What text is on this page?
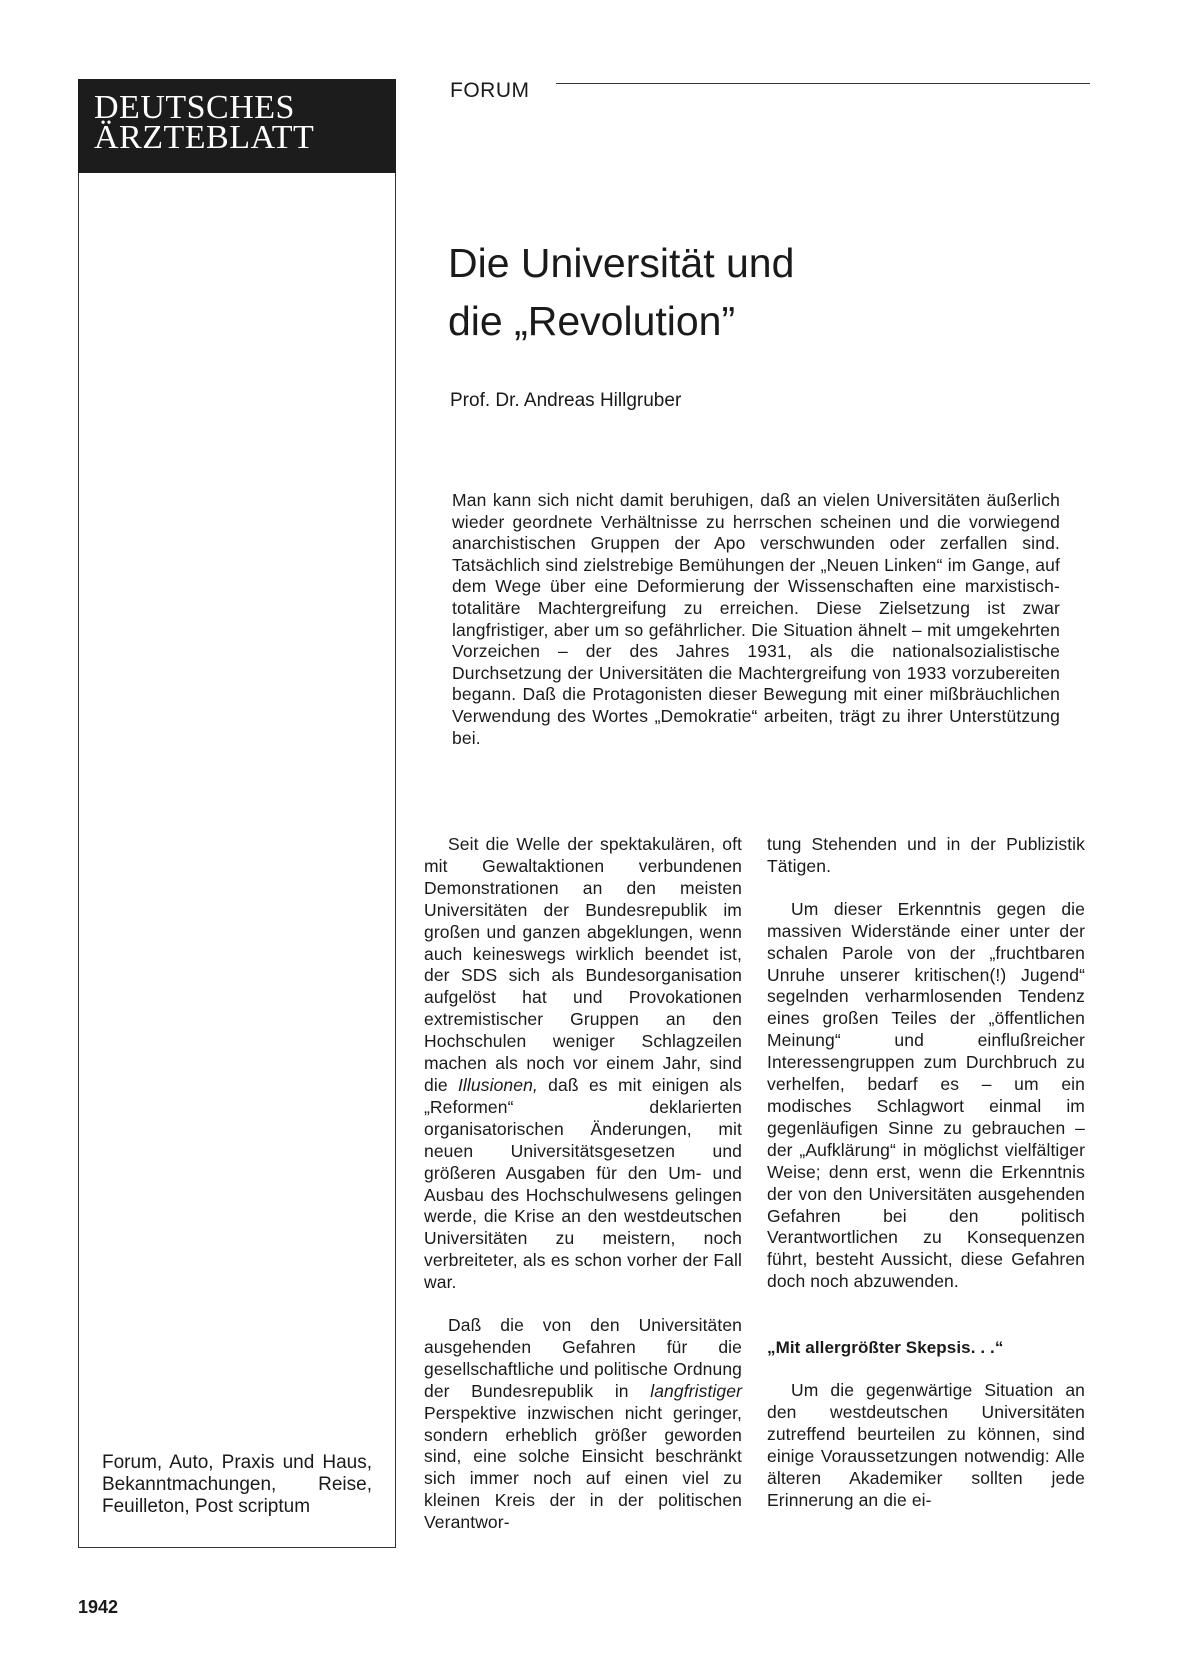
DEUTSCHES
ÄRZTEBLATT
Forum, Auto, Praxis und Haus, Bekanntmachungen, Reise, Feuilleton, Post scriptum
FORUM
Die Universität und
die „Revolution”
Prof. Dr. Andreas Hillgruber
Man kann sich nicht damit beruhigen, daß an vielen Universitäten äußerlich wieder geordnete Verhältnisse zu herrschen scheinen und die vorwiegend anarchistischen Gruppen der Apo verschwunden oder zerfallen sind. Tatsächlich sind zielstrebige Bemühungen der „Neuen Linken“ im Gange, auf dem Wege über eine Deformierung der Wissenschaften eine marxistisch-totalitäre Machtergreifung zu erreichen. Diese Zielsetzung ist zwar langfristiger, aber um so gefährlicher. Die Situation ähnelt – mit umgekehrten Vorzeichen – der des Jahres 1931, als die nationalsozialistische Durchsetzung der Universitäten die Machtergreifung von 1933 vorzubereiten begann. Daß die Protagonisten dieser Bewegung mit einer mißbräuchlichen Verwendung des Wortes „Demokratie“ arbeiten, trägt zu ihrer Unterstützung bei.

Seit die Welle der spektakulären, oft mit Gewaltaktionen verbundenen Demonstrationen an den meisten Universitäten der Bundesrepublik im großen und ganzen abgeklungen, wenn auch keineswegs wirklich beendet ist, der SDS sich als Bundesorganisation aufgelöst hat und Provokationen extremistischer Gruppen an den Hochschulen weniger Schlagzeilen machen als noch vor einem Jahr, sind die Illusionen, daß es mit einigen als „Reformen“ deklarierten organisatorischen Änderungen, mit neuen Universitätsgesetzen und größeren Ausgaben für den Um- und Ausbau des Hochschulwesens gelingen werde, die Krise an den westdeutschen Universitäten zu meistern, noch verbreiteter, als es schon vorher der Fall war.

Daß die von den Universitäten ausgehenden Gefahren für die gesellschaftliche und politische Ordnung der Bundesrepublik in langfristiger Perspektive inzwischen nicht geringer, sondern erheblich größer geworden sind, eine solche Einsicht beschränkt sich immer noch auf einen viel zu kleinen Kreis der in der politischen Verantwor-

tung Stehenden und in der Publizistik Tätigen.

Um dieser Erkenntnis gegen die massiven Widerstände einer unter der schalen Parole von der „fruchtbaren Unruhe unserer kritischen(!) Jugend“ segelnden verharmlosenden Tendenz eines großen Teiles der „öffentlichen Meinung“ und einflußreicher Interessengruppen zum Durchbruch zu verhelfen, bedarf es – um ein modisches Schlagwort einmal im gegenläufigen Sinne zu gebrauchen – der „Aufklärung“ in möglichst vielfältiger Weise; denn erst, wenn die Erkenntnis der von den Universitäten ausgehenden Gefahren bei den politisch Verantwortlichen zu Konsequenzen führt, besteht Aussicht, diese Gefahren doch noch abzuwenden.

„Mit allergrößter Skepsis. . .“

Um die gegenwärtige Situation an den westdeutschen Universitäten zutreffend beurteilen zu können, sind einige Voraussetzungen notwendig: Alle älteren Akademiker sollten jede Erinnerung an die ei-

1942
